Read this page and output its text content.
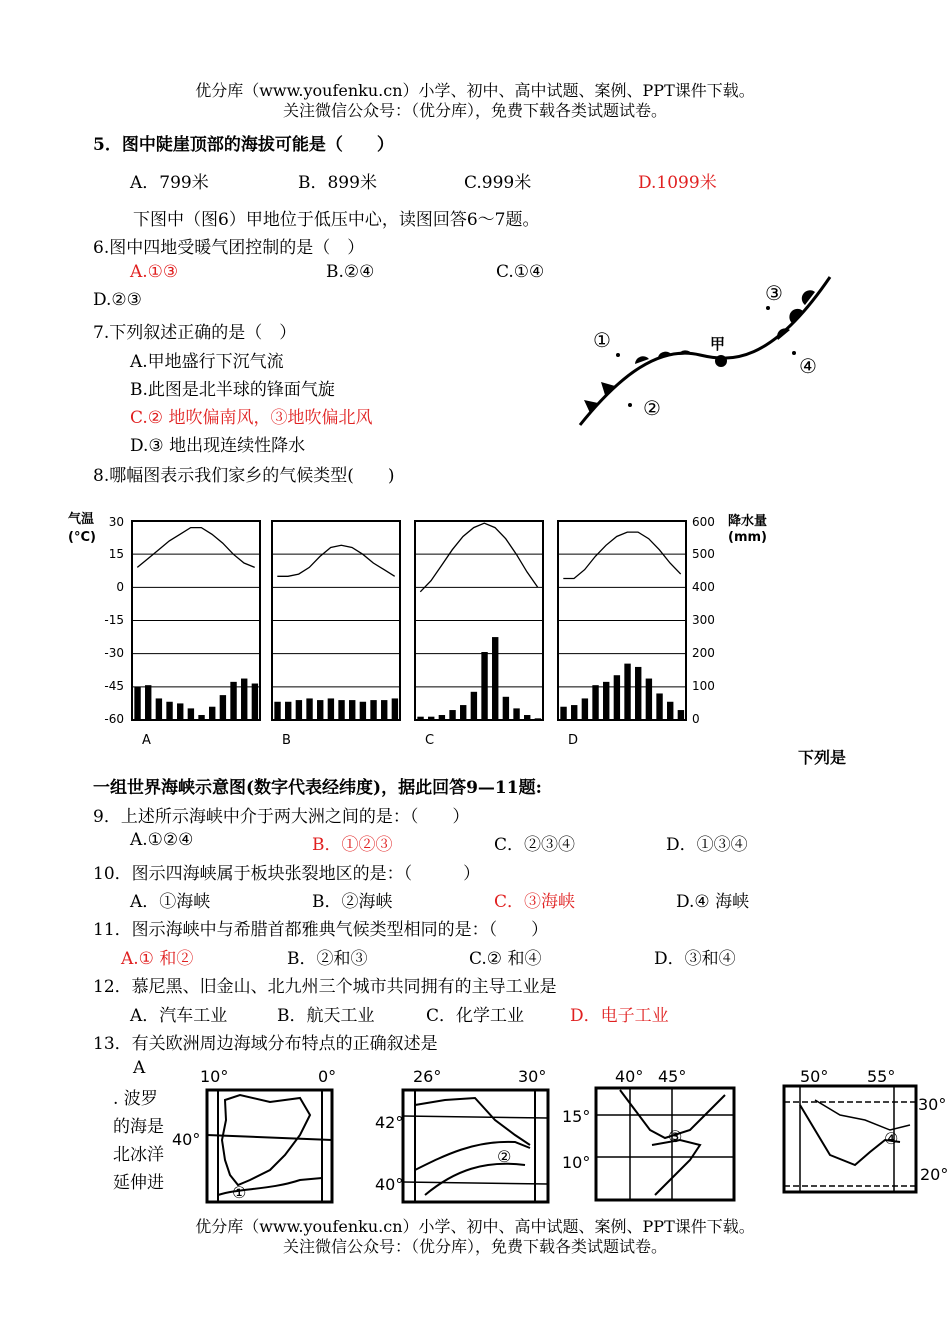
优分库（www.youfenku.cn）小学、初中、高中试题、案例、PPT课件下载。
关注微信公众号：（优分库），免费下载各类试题试卷。
5．图中陡崖顶部的海拔可能是（　　）
A．799米	B．899米	C.999米	D.1099米
下图中（图6）甲地位于低压中心，读图回答6～7题。
6.图中四地受暖气团控制的是（　）
A.①③	B.②④	C.①④
D.②③
7.下列叙述正确的是（　）
A.甲地盛行下沉气流
B.此图是北半球的锋面气旋
C.② 地吹偏南风，③地吹偏北风
D.③ 地出现连续性降水
甲
①
②
③
④
8.哪幅图表示我们家乡的气候类型(　　)
气温
(°C)
降水量
(mm)
30
15
0
-15
-30
-45
-60
600
500
400
300
200
100
0
A	B	C	D
下列是
一组世界海峡示意图(数字代表经纬度)，据此回答9—11题:
9．上述所示海峡中介于两大洲之间的是：（　　）
A.①②④	B．①②③	C．②③④	D．①③④
10．图示四海峡属于板块张裂地区的是：（　　　）
A．①海峡	B．②海峡	C．③海峡	D.④ 海峡
11．图示海峡中与希腊首都雅典气候类型相同的是：（　　）
A.① 和②	B．②和③	C.② 和④	D．③和④
12．慕尼黑、旧金山、北九州三个城市共同拥有的主导工业是
A．汽车工业	B．航天工业	C．化学工业	D．电子工业
13．有关欧洲周边海域分布特点的正确叙述是
A
. 波罗
的海是
北冰洋
延伸进
10°	0°
40°
①
26°	30°
42°
40°
②
40° 45°
15°
10°
③
50° 55°
30°
20°
④
优分库（www.youfenku.cn）小学、初中、高中试题、案例、PPT课件下载。
关注微信公众号：（优分库），免费下载各类试题试卷。
